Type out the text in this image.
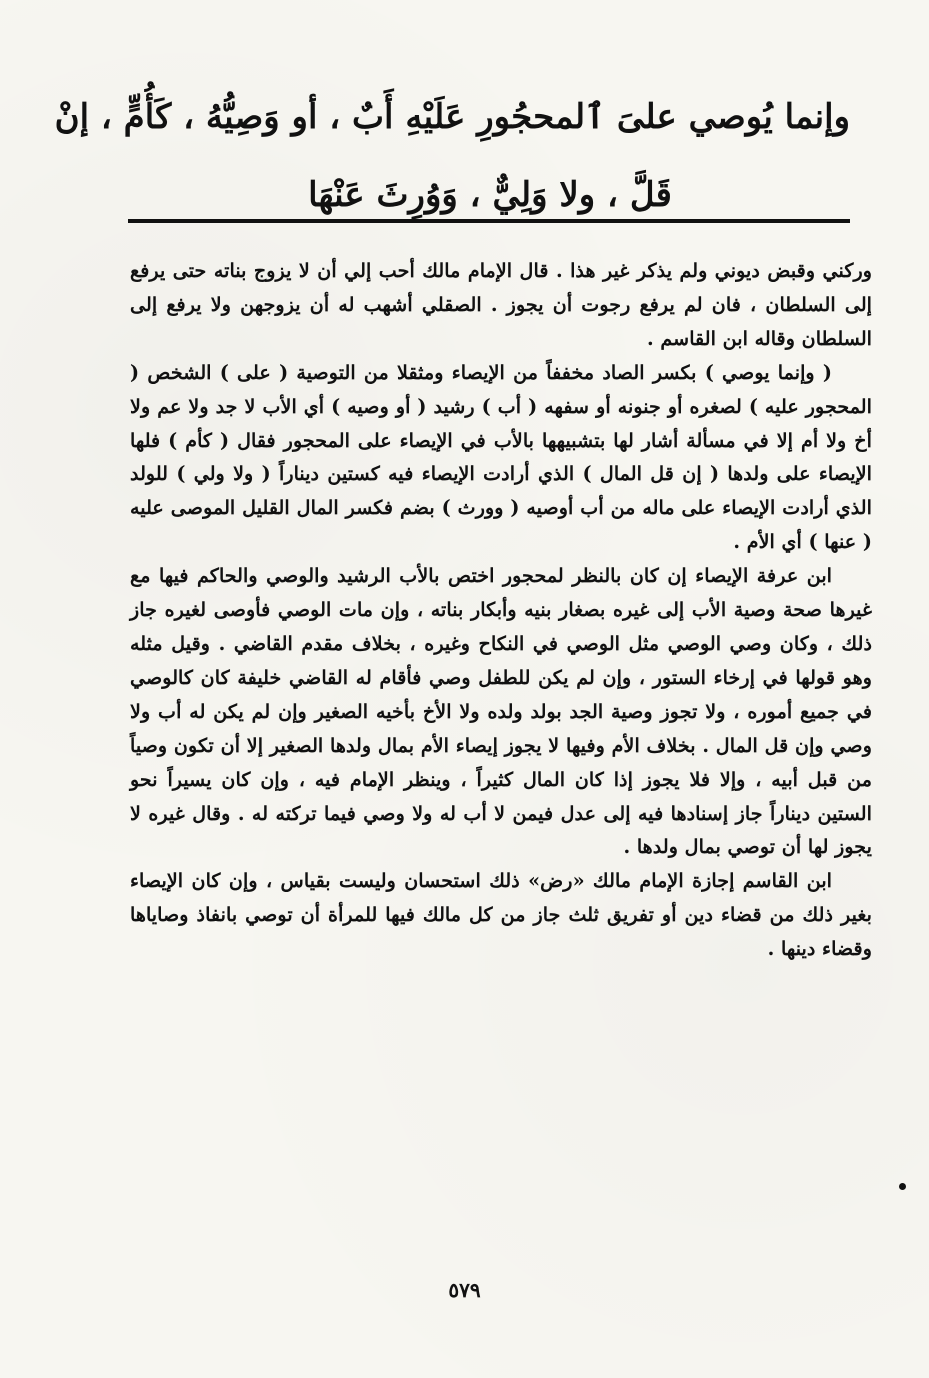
وإنما يُوصي علىَ ٱلمحجُورِ عَلَيْهِ أَبٌ ، أو وَصِيُّهُ ، كَأُمٍّ ، إنْ
قَلَّ ، ولا وَلِيٌّ ، وَوُرِثَ عَنْهَا

وركني وقبض ديوني ولم يذكر غير هذا . قال الإمام مالك أحب إلي أن لا يزوج بناته حتى يرفع إلى السلطان ، فان لم يرفع رجوت أن يجوز . الصقلي أشهب له أن يزوجهن ولا يرفع إلى السلطان وقاله ابن القاسم .

( وإنما يوصي ) بكسر الصاد مخففاً من الإيصاء ومثقلا من التوصية ( على ) الشخص ( المحجور عليه ) لصغره أو جنونه أو سفهه ( أب ) رشيد ( أو وصيه ) أي الأب لا جد ولا عم ولا أخ ولا أم إلا في مسألة أشار لها بتشبيهها بالأب في الإيصاء على المحجور فقال ( كأم ) فلها الإيصاء على ولدها ( إن قل المال ) الذي أرادت الإيصاء فيه كستين ديناراً ( ولا ولي ) للولد الذي أرادت الإيصاء على ماله من أب أوصيه ( وورث ) بضم فكسر المال القليل الموصى عليه ( عنها ) أي الأم .

ابن عرفة الإيصاء إن كان بالنظر لمحجور اختص بالأب الرشيد والوصي والحاكم فيها مع غيرها صحة وصية الأب إلى غيره بصغار بنيه وأبكار بناته ، وإن مات الوصي فأوصى لغيره جاز ذلك ، وكان وصي الوصي مثل الوصي في النكاح وغيره ، بخلاف مقدم القاضي . وقيل مثله وهو قولها في إرخاء الستور ، وإن لم يكن للطفل وصي فأقام له القاضي خليفة كان كالوصي في جميع أموره ، ولا تجوز وصية الجد بولد ولده ولا الأخ بأخيه الصغير وإن لم يكن له أب ولا وصي وإن قل المال . بخلاف الأم وفيها لا يجوز إيصاء الأم بمال ولدها الصغير إلا أن تكون وصياً من قبل أبيه ، وإلا فلا يجوز إذا كان المال كثيراً ، وينظر الإمام فيه ، وإن كان يسيراً نحو الستين ديناراً جاز إسنادها فيه إلى عدل فيمن لا أب له ولا وصي فيما تركته له . وقال غيره لا يجوز لها أن توصي بمال ولدها .

ابن القاسم إجازة الإمام مالك «رض» ذلك استحسان وليست بقياس ، وإن كان الإيصاء بغير ذلك من قضاء دين أو تفريق ثلث جاز من كل مالك فيها للمرأة أن توصي بانفاذ وصاياها وقضاء دينها .

٥٧٩
